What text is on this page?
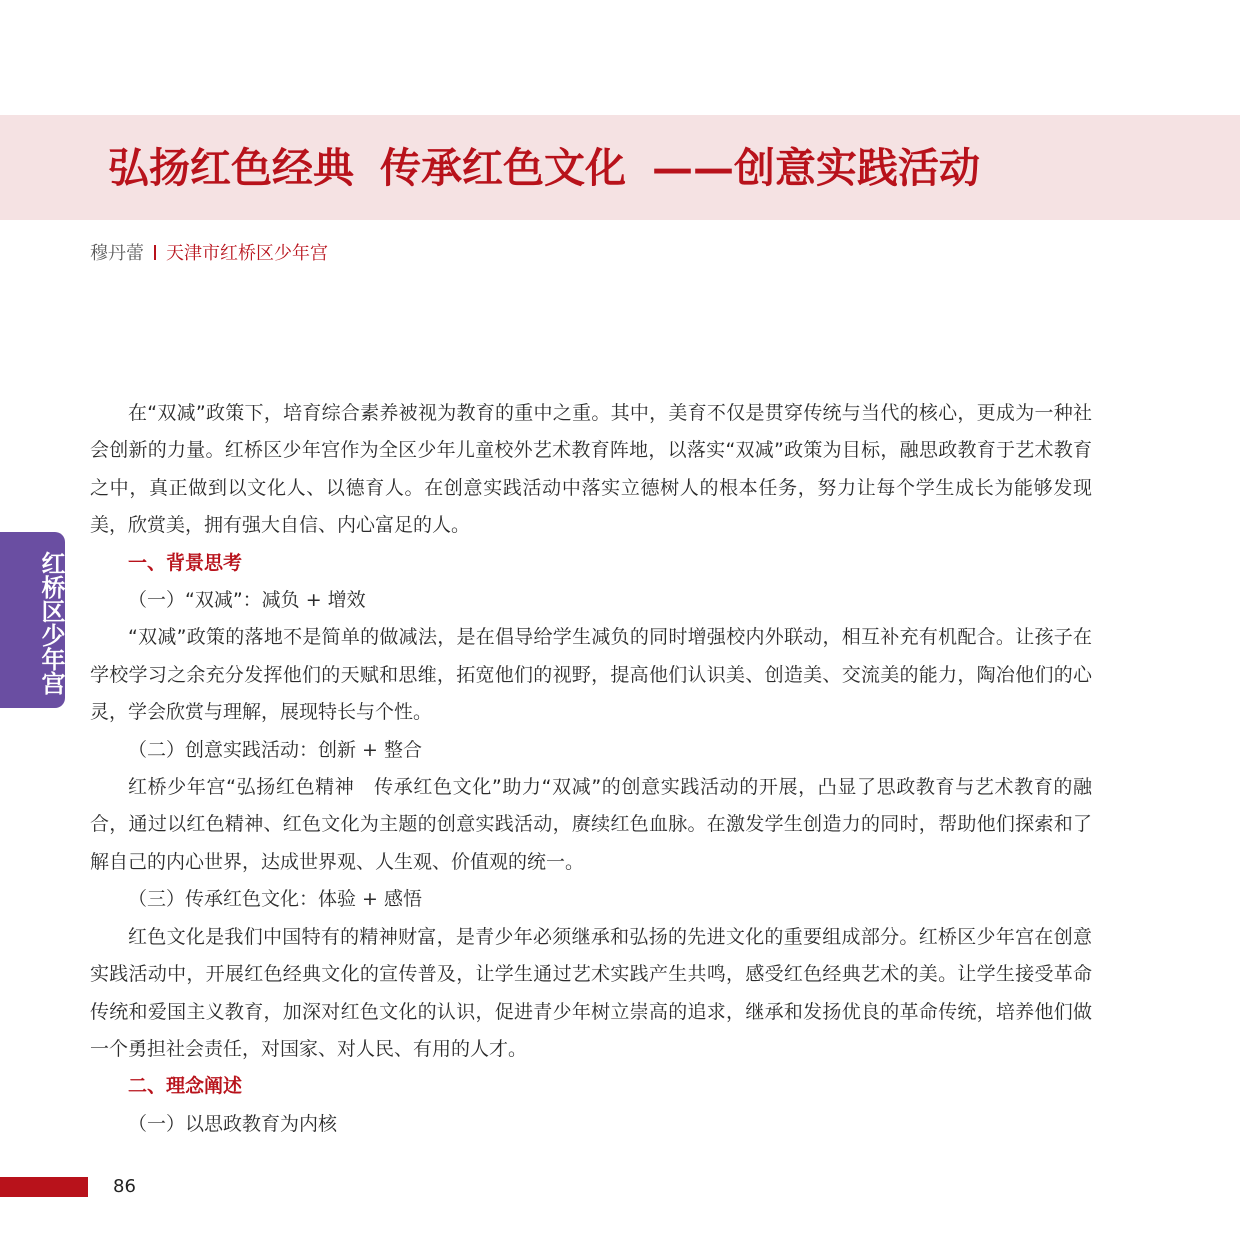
弘扬红色经典 传承红色文化 ——创意实践活动
穆丹蕾 天津市红桥区少年宫
红桥区少年宫

在“双减”政策下，培育综合素养被视为教育的重中之重。其中，美育不仅是贯穿传统与当代的核心，更成为一种社会创新的力量。红桥区少年宫作为全区少年儿童校外艺术教育阵地，以落实“双减”政策为目标，融思政教育于艺术教育之中，真正做到以文化人、以德育人。在创意实践活动中落实立德树人的根本任务，努力让每个学生成长为能够发现美，欣赏美，拥有强大自信、内心富足的人。

一、背景思考

（一）“双减”：减负 + 增效

“双减”政策的落地不是简单的做减法，是在倡导给学生减负的同时增强校内外联动，相互补充有机配合。让孩子在学校学习之余充分发挥他们的天赋和思维，拓宽他们的视野，提高他们认识美、创造美、交流美的能力，陶冶他们的心灵，学会欣赏与理解，展现特长与个性。

（二）创意实践活动：创新 + 整合

红桥少年宫“弘扬红色精神　传承红色文化”助力“双减”的创意实践活动的开展，凸显了思政教育与艺术教育的融合，通过以红色精神、红色文化为主题的创意实践活动，赓续红色血脉。在激发学生创造力的同时，帮助他们探索和了解自己的内心世界，达成世界观、人生观、价值观的统一。

（三）传承红色文化：体验 + 感悟

红色文化是我们中国特有的精神财富，是青少年必须继承和弘扬的先进文化的重要组成部分。红桥区少年宫在创意实践活动中，开展红色经典文化的宣传普及，让学生通过艺术实践产生共鸣，感受红色经典艺术的美。让学生接受革命传统和爱国主义教育，加深对红色文化的认识，促进青少年树立崇高的追求，继承和发扬优良的革命传统，培养他们做一个勇担社会责任，对国家、对人民、有用的人才。

二、理念阐述

（一）以思政教育为内核

86
